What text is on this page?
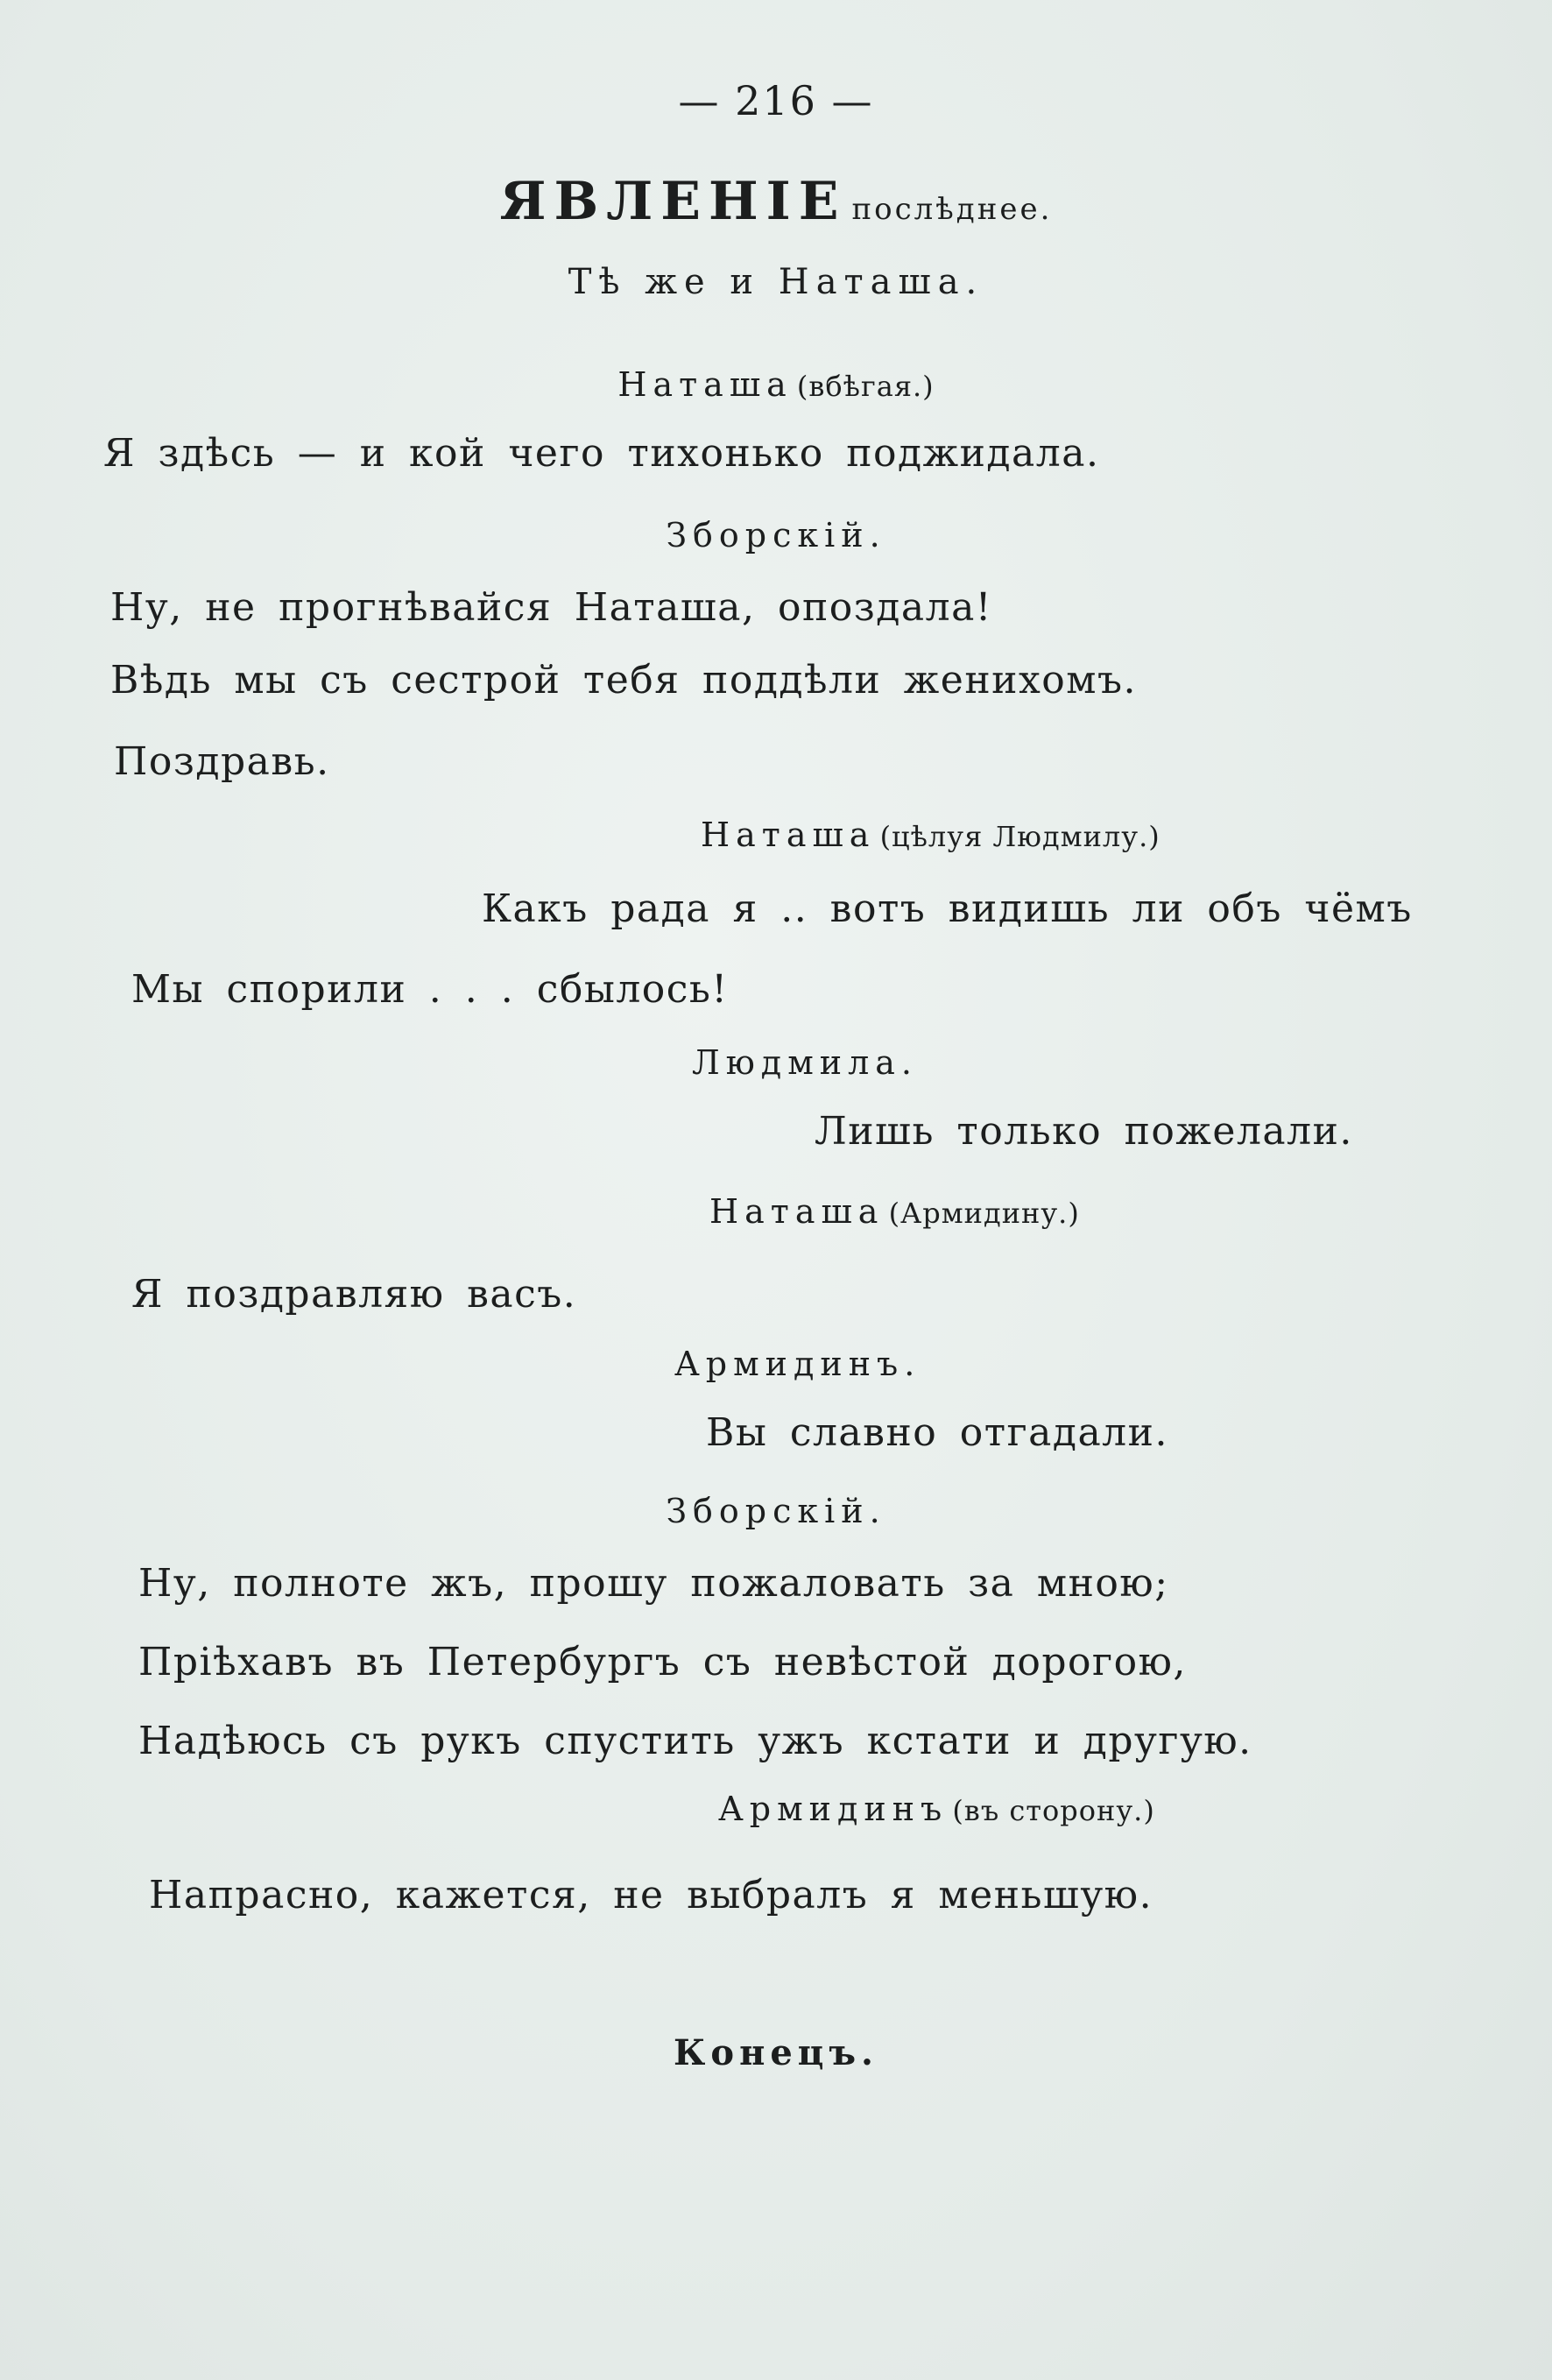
— 216 —
ЯВЛЕНІЕ послѣднее.
Тѣ же и Наташа.
Наташа (вбѣгая.)
Я здѣсь — и кой чего тихонько поджидала.
Зборскій.
Ну, не прогнѣвайся Наташа, опоздала!
Вѣдь мы съ сестрой тебя поддѣли женихомъ.
Поздравь.
Наташа (цѣлуя Людмилу.)
Какъ рада я .. вотъ видишь ли объ чёмъ
Мы спорили . . . сбылось!
Людмила.
Лишь только пожелали.
Наташа (Армидину.)
Я поздравляю васъ.
Армидинъ.
Вы славно отгадали.
Зборскій.
Ну, полноте жъ, прошу пожаловать за мною;
Пріѣхавъ въ Петербургъ съ невѣстой дорогою,
Надѣюсь съ рукъ спустить ужъ кстати и другую.
Армидинъ (въ сторону.)
Напрасно, кажется, не выбралъ я меньшую.
Конецъ.
